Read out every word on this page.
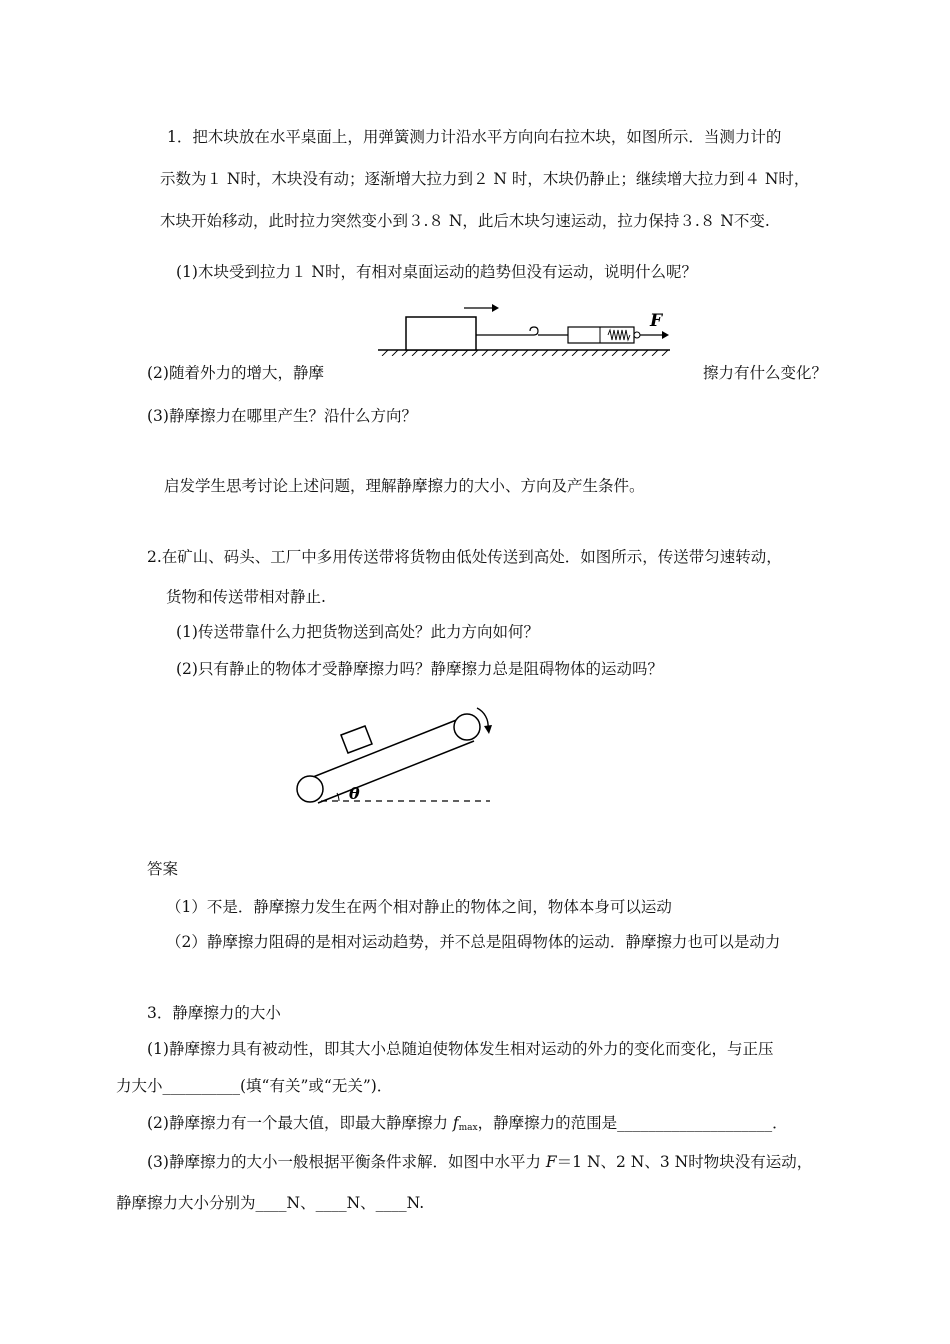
1．把木块放在水平桌面上，用弹簧测力计沿水平方向向右拉木块，如图所示．当测力计的
示数为１ N时，木块没有动；逐渐增大拉力到２ N 时，木块仍静止；继续增大拉力到４ N时，
木块开始移动，此时拉力突然变小到３.８ N，此后木块匀速运动，拉力保持３.８ N不变.
(1)木块受到拉力１ N时，有相对桌面运动的趋势但没有运动，说明什么呢？
F
(2)随着外力的增大，静摩	擦力有什么变化？
(3)静摩擦力在哪里产生？沿什么方向？
启发学生思考讨论上述问题，理解静摩擦力的大小、方向及产生条件。
2.在矿山、码头、工厂中多用传送带将货物由低处传送到高处．如图所示，传送带匀速转动，
货物和传送带相对静止.
(1)传送带靠什么力把货物送到高处？此力方向如何？
(2)只有静止的物体才受静摩擦力吗？静摩擦力总是阻碍物体的运动吗？
θ
答案
（1）不是．静摩擦力发生在两个相对静止的物体之间，物体本身可以运动
（2）静摩擦力阻碍的是相对运动趋势，并不总是阻碍物体的运动．静摩擦力也可以是动力
3．静摩擦力的大小
(1)静摩擦力具有被动性，即其大小总随迫使物体发生相对运动的外力的变化而变化，与正压
力大小__________(填“有关”或“无关”)．
(2)静摩擦力有一个最大值，即最大静摩擦力 $f_{max}$，静摩擦力的范围是____________________．
(3)静摩擦力的大小一般根据平衡条件求解．如图中水平力 F＝1 N、2 N、3 N时物块没有运动，
静摩擦力大小分别为____N、____N、____N.
